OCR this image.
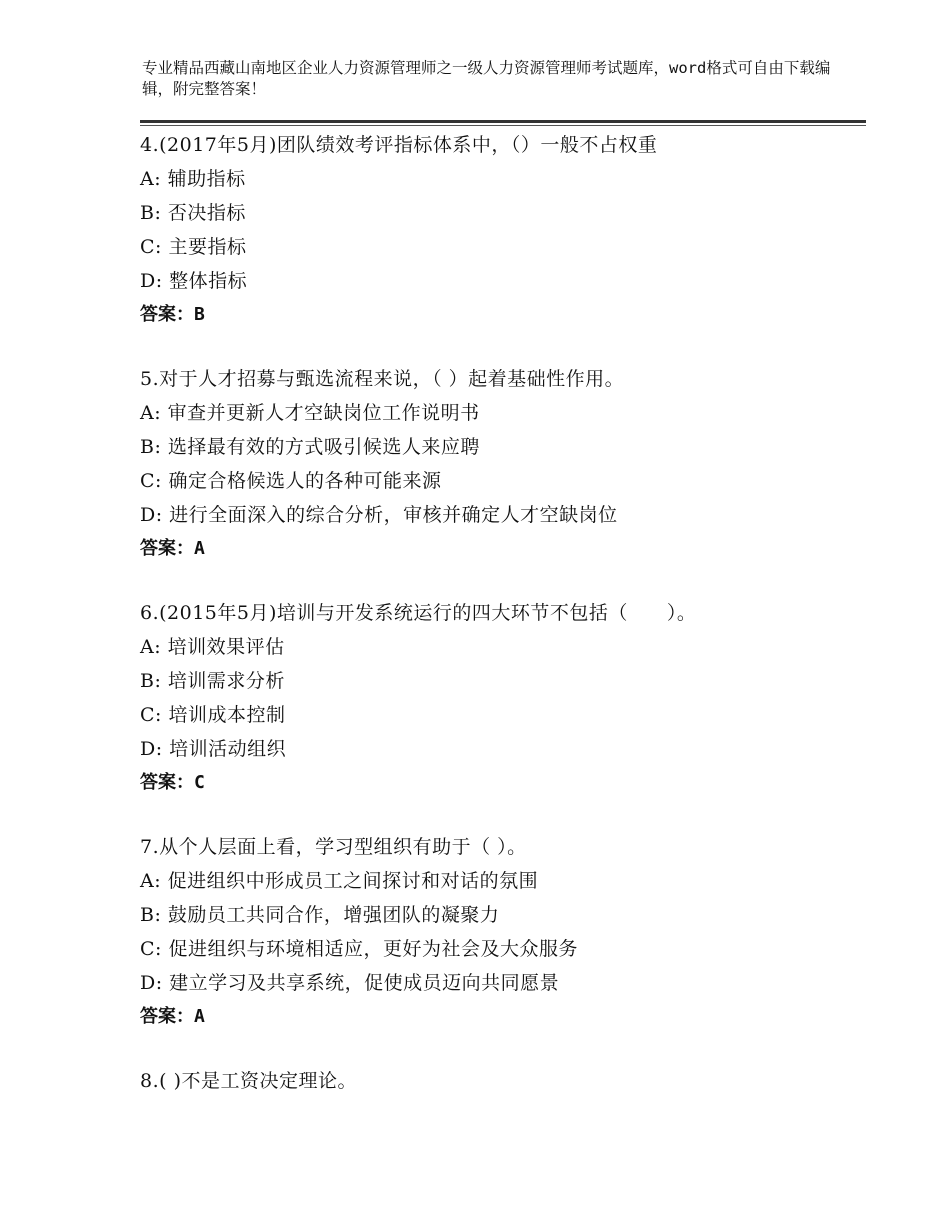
专业精品西藏山南地区企业人力资源管理师之一级人力资源管理师考试题库，word格式可自由下载编辑，附完整答案！
4.(2017年5月)团队绩效考评指标体系中，（）一般不占权重
A: 辅助指标
B: 否决指标
C: 主要指标
D: 整体指标
答案：B
5.对于人才招募与甄选流程来说，（ ）起着基础性作用。
A: 审查并更新人才空缺岗位工作说明书
B: 选择最有效的方式吸引候选人来应聘
C: 确定合格候选人的各种可能来源
D: 进行全面深入的综合分析，审核并确定人才空缺岗位
答案：A
6.(2015年5月)培训与开发系统运行的四大环节不包括（　　）。
A: 培训效果评估
B: 培训需求分析
C: 培训成本控制
D: 培训活动组织
答案：C
7.从个人层面上看，学习型组织有助于（ ）。
A: 促进组织中形成员工之间探讨和对话的氛围
B: 鼓励员工共同合作，增强团队的凝聚力
C: 促进组织与环境相适应，更好为社会及大众服务
D: 建立学习及共享系统，促使成员迈向共同愿景
答案：A
8.( )不是工资决定理论。
